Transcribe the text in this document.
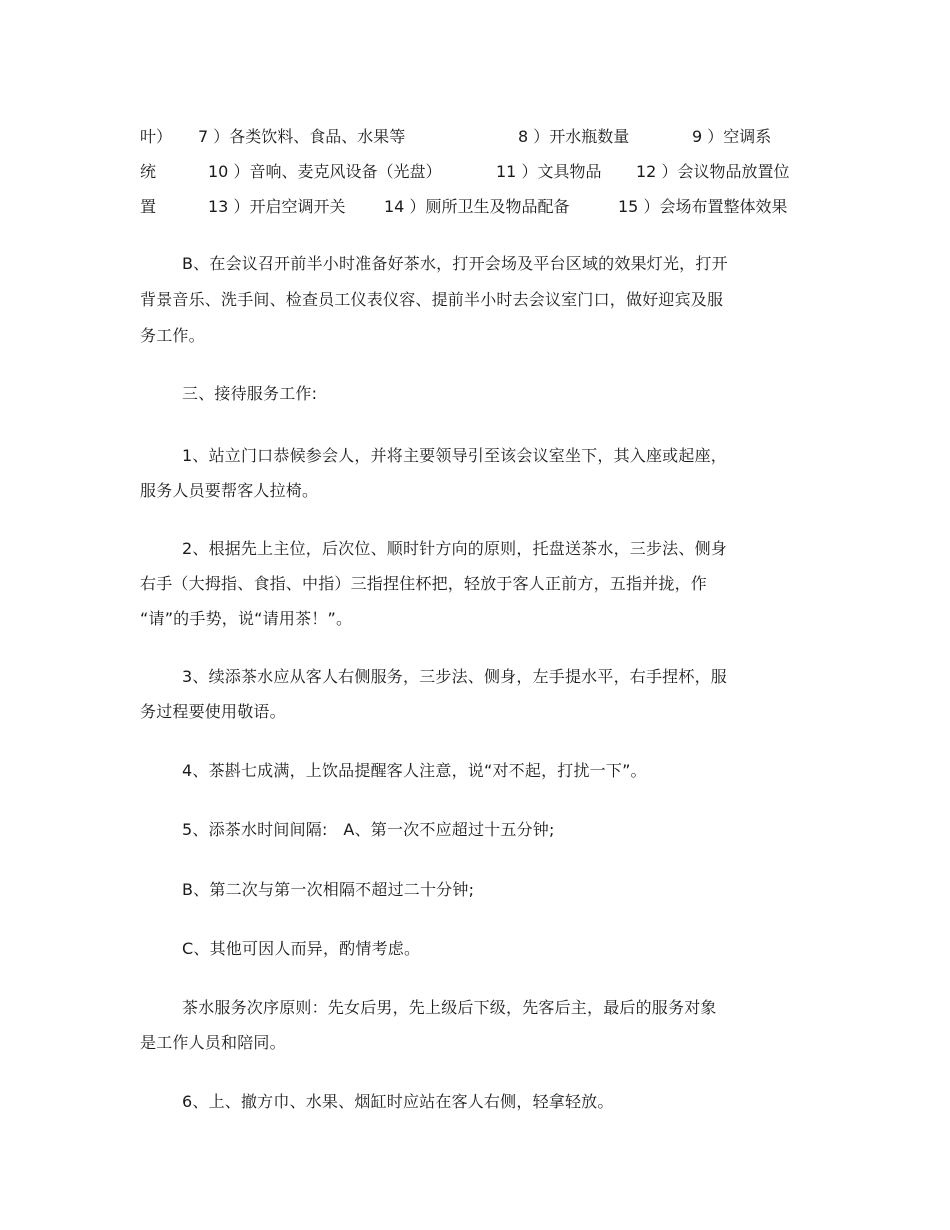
叶） 7 ）各类饮料、食品、水果等	8 ）开水瓶数量	9 ）空调系
统	10 ）音响、麦克风设备（光盘）	11 ）文具物品 12 ）会议物品放置位
置	13 ）开启空调开关 14 ）厕所卫生及物品配备	15 ）会场布置整体效果
B、在会议召开前半小时准备好茶水，打开会场及平台区域的效果灯光，打开
背景音乐、洗手间、检查员工仪表仪容、提前半小时去会议室门口，做好迎宾及服
务工作。
三、接待服务工作:
1、站立门口恭候参会人，并将主要领导引至该会议室坐下，其入座或起座，
服务人员要帮客人拉椅。
2、根据先上主位，后次位、顺时针方向的原则，托盘送茶水，三步法、侧身
右手（大拇指、食指、中指）三指捏住杯把，轻放于客人正前方，五指并拢，作
“请”的手势，说“请用茶！”。
3、续添茶水应从客人右侧服务，三步法、侧身，左手提水平，右手捏杯，服
务过程要使用敬语。
4、茶斟七成满，上饮品提醒客人注意，说“对不起，打扰一下”。
5、添茶水时间间隔:   A、第一次不应超过十五分钟;
B、第二次与第一次相隔不超过二十分钟;
C、其他可因人而异，酌情考虑。
茶水服务次序原则：先女后男，先上级后下级，先客后主，最后的服务对象
是工作人员和陪同。
6、上、撤方巾、水果、烟缸时应站在客人右侧，轻拿轻放。
